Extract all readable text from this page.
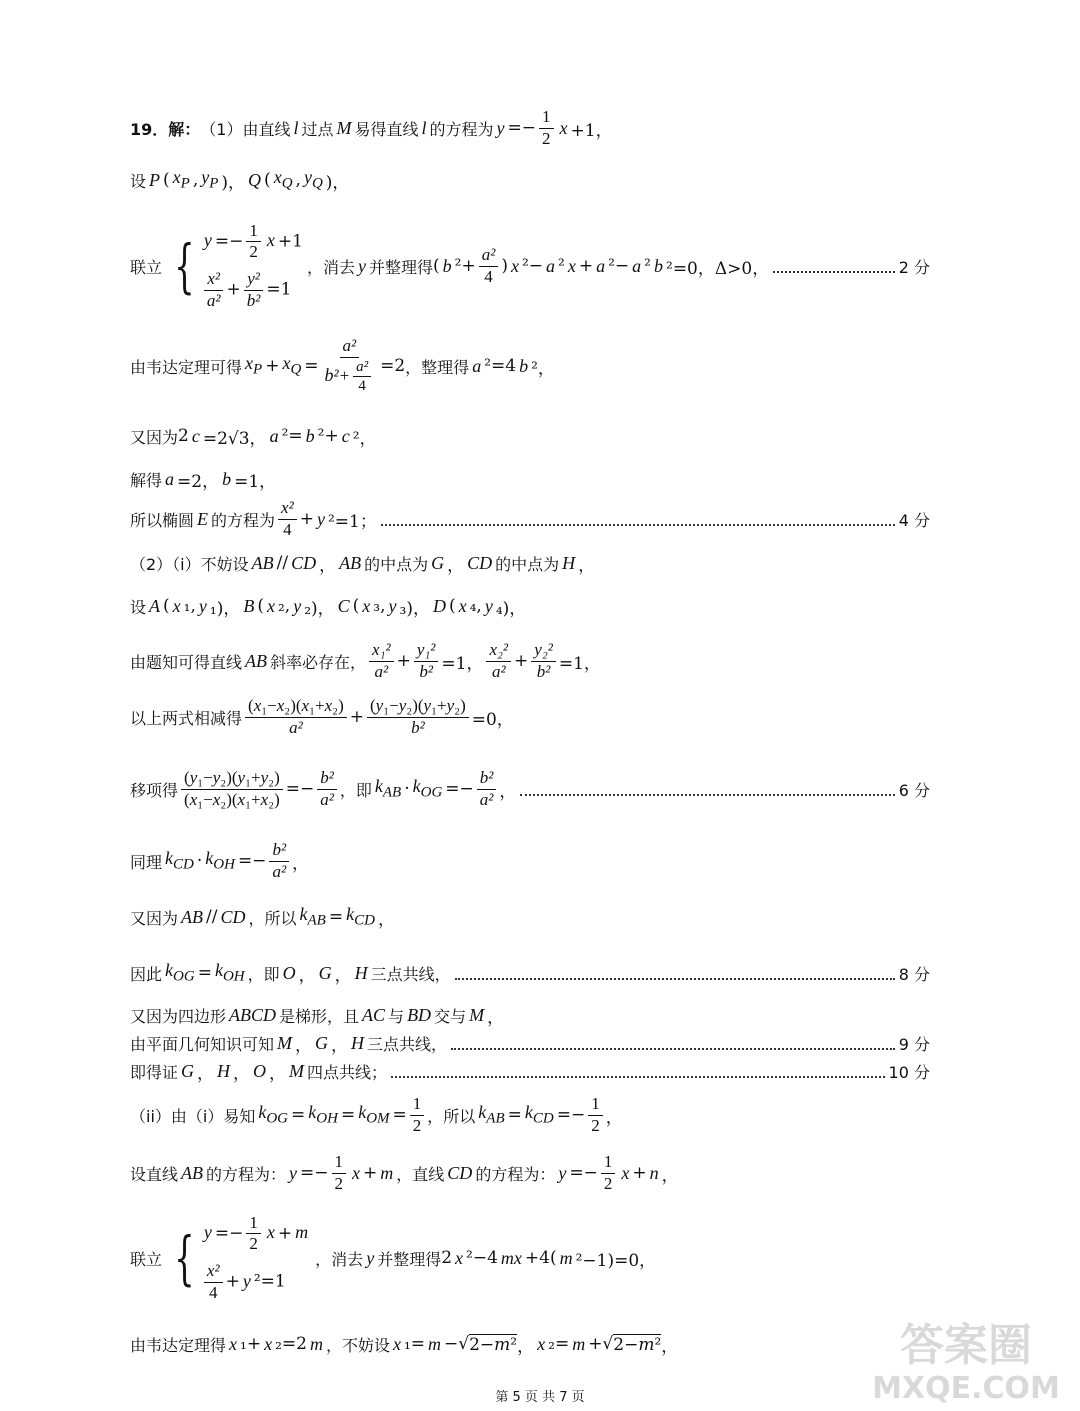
19．解： （1）由直线 l 过点 M 易得直线 l 的方程为 y =−
1
2
x +1，
设 P ( $x_P$ , $y_P$ )， Q ( $x_Q$ , $y_Q$ )，
联立 { $y =- \frac{1}{2}$ x +1
$\frac{\text{x²}}{\text{a²}} + \frac{\text{y²}}{\text{b²}} =1$
，消去 y 并整理得 ( b ²+
a²
4 ) x ²− a ² x + a ²− a ² b ²=0，Δ>0，	2 分
由韦达定理可得 $x_P + x_Q$ =
a²
$b^2+ \frac{\text{a²}}{4} =2$ ，整理得 a ²=4 b ²，
又因为 2 c =2√3， a ²= b ²+ c ²，
解得 a =2， b =1，
所以椭圆 E 的方程为
x²
4 + y ²=1；	4 分
（2）（i）不妨设 AB // CD ， AB 的中点为 G ， CD 的中点为 H ，
设 A ( x ₁, y ₁)， B ( x ₂, y ₂)， C ( x ₃, y ₃)， D ( x ₄, y ₄)，
由题知可得直线 AB 斜率必存在，
x₁²
a² +
y₁²
b² =1，
x₂²
a² +
y₂²
b² =1，
以上两式相减得
(x₁−x₂)(x₁+x₂)
a²	+
(y₁−y₂)(y₁+y₂)
b²	=0，
移项得
(y₁−y₂)(y₁+y₂)
(x₁−x₂)(x₁+x₂) =−
b²
a² ，即 $k_{AB} \cdot k_{OG}$ =−
b²
a² ，	6 分
同理 $k_{CD} \cdot k_{OH}$ =−
b²
a² ，
又因为 AB // CD ，所以 $k_{AB} = k_{CD}$ ，
因此 $k_{OG} = k_{OH}$ ，即 O ， G ， H 三点共线，	8 分
又因为四边形 ABCD 是梯形，且 AC 与 BD 交与 M ，
由平面几何知识可知 M ， G ， H 三点共线，	9 分
即得证 G ， H ， O ， M 四点共线；	10 分
（ii）由（i）易知 $k_{OG} = k_{OH} = k_{OM}$ =
1
2 ，所以 $k_{AB} = k_{CD}$ =−
1
2 ，
设直线 AB 的方程为： y =−
1
2
x + m ，直线 CD 的方程为： y =−
1
2
x + n ，
联立 { $y =- \frac{1}{2}$ x + m
$\frac{\text{x²}}{4} + y$ ²=1
，消去 y 并整理得 2 x ²−4 mx +4( m ²−1)=0，
由韦达定理得 x ₁+ x ₂=2 m ，不妨设 x ₁= m −√ 2−m² ， x ₂= m +√ 2−m² ，
第 5 页 共 7 页
答案圈
MXQE.COM
